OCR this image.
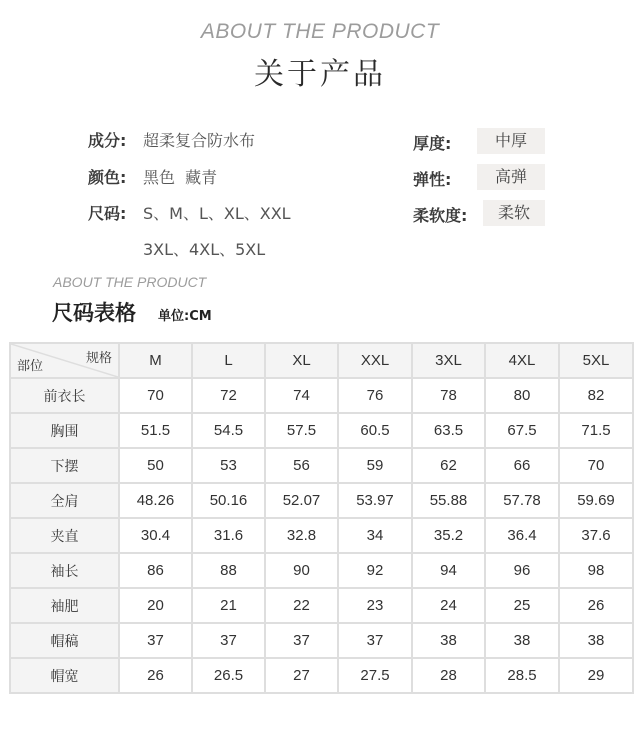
ABOUT THE PRODUCT
关于产品
成分: 超柔复合防水布
颜色: 黑色  藏青
尺码: S、M、L、XL、XXL
3XL、4XL、5XL
厚度:	中厚
弹性:	高弹
柔软度:	柔软
ABOUT THE PRODUCT
尺码表格 单位:CM
规格
部位	M	L	XL	XXL	3XL	4XL	5XL
前衣长	70	72	74	76	78	80	82
胸围	51.5	54.5	57.5	60.5	63.5	67.5	71.5
下摆	50	53	56	59	62	66	70
全肩	48.26	50.16	52.07	53.97	55.88	57.78	59.69
夹直	30.4	31.6	32.8	34	35.2	36.4	37.6
袖长	86	88	90	92	94	96	98
袖肥	20	21	22	23	24	25	26
帽稿	37	37	37	37	38	38	38
帽宽	26	26.5	27	27.5	28	28.5	29
